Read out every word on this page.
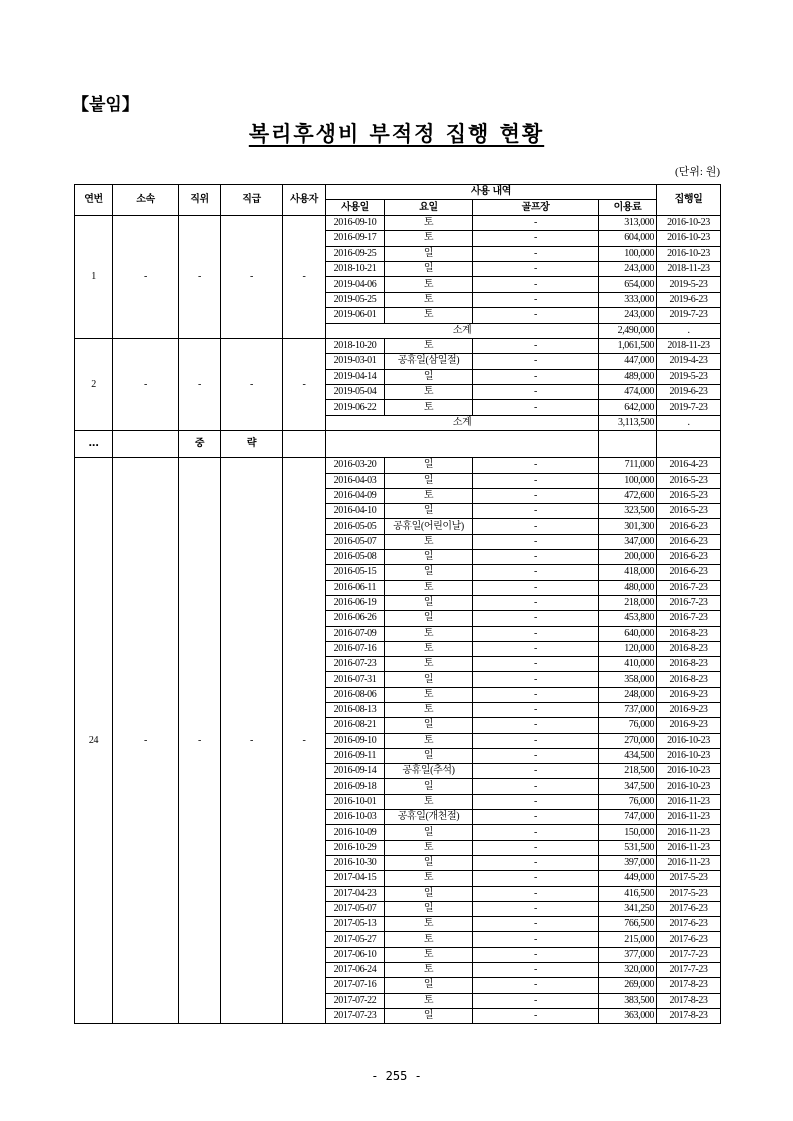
【붙임】
복리후생비 부적정 집행 현황
(단위: 원)
연번	소속	직위	직급	사용자	사용 내역				집행일
					사용일	요일	골프장	이용료	
1	-	-	-	-	2016-09-10	토	-	313,000	2016-10-23
					2016-09-17	토	-	604,000	2016-10-23
					2016-09-25	일	-	100,000	2016-10-23
					2018-10-21	일	-	243,000	2018-11-23
					2019-04-06	토	-	654,000	2019-5-23
					2019-05-25	토	-	333,000	2019-6-23
					2019-06-01	토	-	243,000	2019-7-23
					소계			2,490,000	.
2	-	-	-	-	2018-10-20	토	-	1,061,500	2018-11-23
					2019-03-01	공휴일(삼일절)	-	447,000	2019-4-23
					2019-04-14	일	-	489,000	2019-5-23
					2019-05-04	토	-	474,000	2019-6-23
					2019-06-22	토	-	642,000	2019-7-23
					소계			3,113,500	.
...		중	략						
24	-	-	-	-	2016-03-20	일	-	711,000	2016-4-23
					2016-04-03	일	-	100,000	2016-5-23
					2016-04-09	토	-	472,600	2016-5-23
					2016-04-10	일	-	323,500	2016-5-23
					2016-05-05	공휴일(어린이날)	-	301,300	2016-6-23
					2016-05-07	토	-	347,000	2016-6-23
					2016-05-08	일	-	200,000	2016-6-23
					2016-05-15	일	-	418,000	2016-6-23
					2016-06-11	토	-	480,000	2016-7-23
					2016-06-19	일	-	218,000	2016-7-23
					2016-06-26	일	-	453,800	2016-7-23
					2016-07-09	토	-	640,000	2016-8-23
					2016-07-16	토	-	120,000	2016-8-23
					2016-07-23	토	-	410,000	2016-8-23
					2016-07-31	일	-	358,000	2016-8-23
					2016-08-06	토	-	248,000	2016-9-23
					2016-08-13	토	-	737,000	2016-9-23
					2016-08-21	일	-	76,000	2016-9-23
					2016-09-10	토	-	270,000	2016-10-23
					2016-09-11	일	-	434,500	2016-10-23
					2016-09-14	공휴일(추석)	-	218,500	2016-10-23
					2016-09-18	일	-	347,500	2016-10-23
					2016-10-01	토	-	76,000	2016-11-23
					2016-10-03	공휴일(개천절)	-	747,000	2016-11-23
					2016-10-09	일	-	150,000	2016-11-23
					2016-10-29	토	-	531,500	2016-11-23
					2016-10-30	일	-	397,000	2016-11-23
					2017-04-15	토	-	449,000	2017-5-23
					2017-04-23	일	-	416,500	2017-5-23
					2017-05-07	일	-	341,250	2017-6-23
					2017-05-13	토	-	766,500	2017-6-23
					2017-05-27	토	-	215,000	2017-6-23
					2017-06-10	토	-	377,000	2017-7-23
					2017-06-24	토	-	320,000	2017-7-23
					2017-07-16	일	-	269,000	2017-8-23
					2017-07-22	토	-	383,500	2017-8-23
					2017-07-23	일	-	363,000	2017-8-23
- 255 -
